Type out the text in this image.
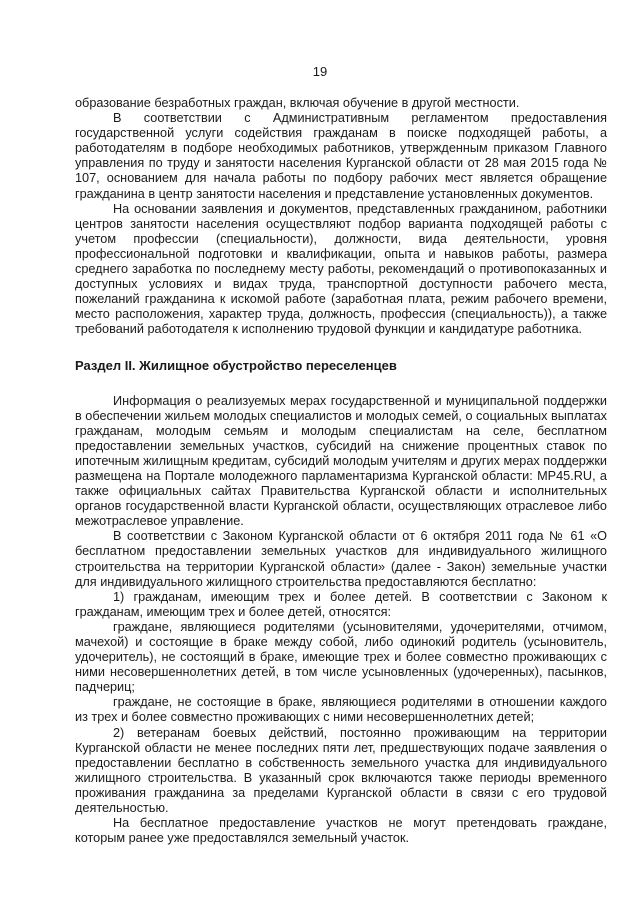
19

образование безработных граждан, включая обучение в другой местности.

В соответствии с Административным регламентом предоставления государственной услуги содействия гражданам в поиске подходящей работы, а работодателям в подборе необходимых работников, утвержденным приказом Главного управления по труду и занятости населения Курганской области от 28 мая 2015 года № 107, основанием для начала работы по подбору рабочих мест является обращение гражданина в центр занятости населения и представление установленных документов.

На основании заявления и документов, представленных гражданином, работники центров занятости населения осуществляют подбор варианта подходящей работы с учетом профессии (специальности), должности, вида деятельности, уровня профессиональной подготовки и квалификации, опыта и навыков работы, размера среднего заработка по последнему месту работы, рекомендаций о противопоказанных и доступных условиях и видах труда, транспортной доступности рабочего места, пожеланий гражданина к искомой работе (заработная плата, режим рабочего времени, место расположения, характер труда, должность, профессия (специальность)), а также требований работодателя к исполнению трудовой функции и кандидатуре работника.

Раздел II. Жилищное обустройство переселенцев

Информация о реализуемых мерах государственной и муниципальной поддержки в обеспечении жильем молодых специалистов и молодых семей, о социальных выплатах гражданам, молодым семьям и молодым специалистам на селе, бесплатном предоставлении земельных участков, субсидий на снижение процентных ставок по ипотечным жилищным кредитам, субсидий молодым учителям и других мерах поддержки размещена на Портале молодежного парламентаризма Курганской области: MP45.RU, а также официальных сайтах Правительства Курганской области и исполнительных органов государственной власти Курганской области, осуществляющих отраслевое либо межотраслевое управление.

В соответствии с Законом Курганской области от 6 октября 2011 года № 61 «О бесплатном предоставлении земельных участков для индивидуального жилищного строительства на территории Курганской области» (далее - Закон) земельные участки для индивидуального жилищного строительства предоставляются бесплатно:

1) гражданам, имеющим трех и более детей. В соответствии с Законом к гражданам, имеющим трех и более детей, относятся:

граждане, являющиеся родителями (усыновителями, удочерителями, отчимом, мачехой) и состоящие в браке между собой, либо одинокий родитель (усыновитель, удочеритель), не состоящий в браке, имеющие трех и более совместно проживающих с ними несовершеннолетних детей, в том числе усыновленных (удочеренных), пасынков, падчериц;

граждане, не состоящие в браке, являющиеся родителями в отношении каждого из трех и более совместно проживающих с ними несовершеннолетних детей;

2) ветеранам боевых действий, постоянно проживающим на территории Курганской области не менее последних пяти лет, предшествующих подаче заявления о предоставлении бесплатно в собственность земельного участка для индивидуального жилищного строительства. В указанный срок включаются также периоды временного проживания гражданина за пределами Курганской области в связи с его трудовой деятельностью.

На бесплатное предоставление участков не могут претендовать граждане, которым ранее уже предоставлялся земельный участок.
